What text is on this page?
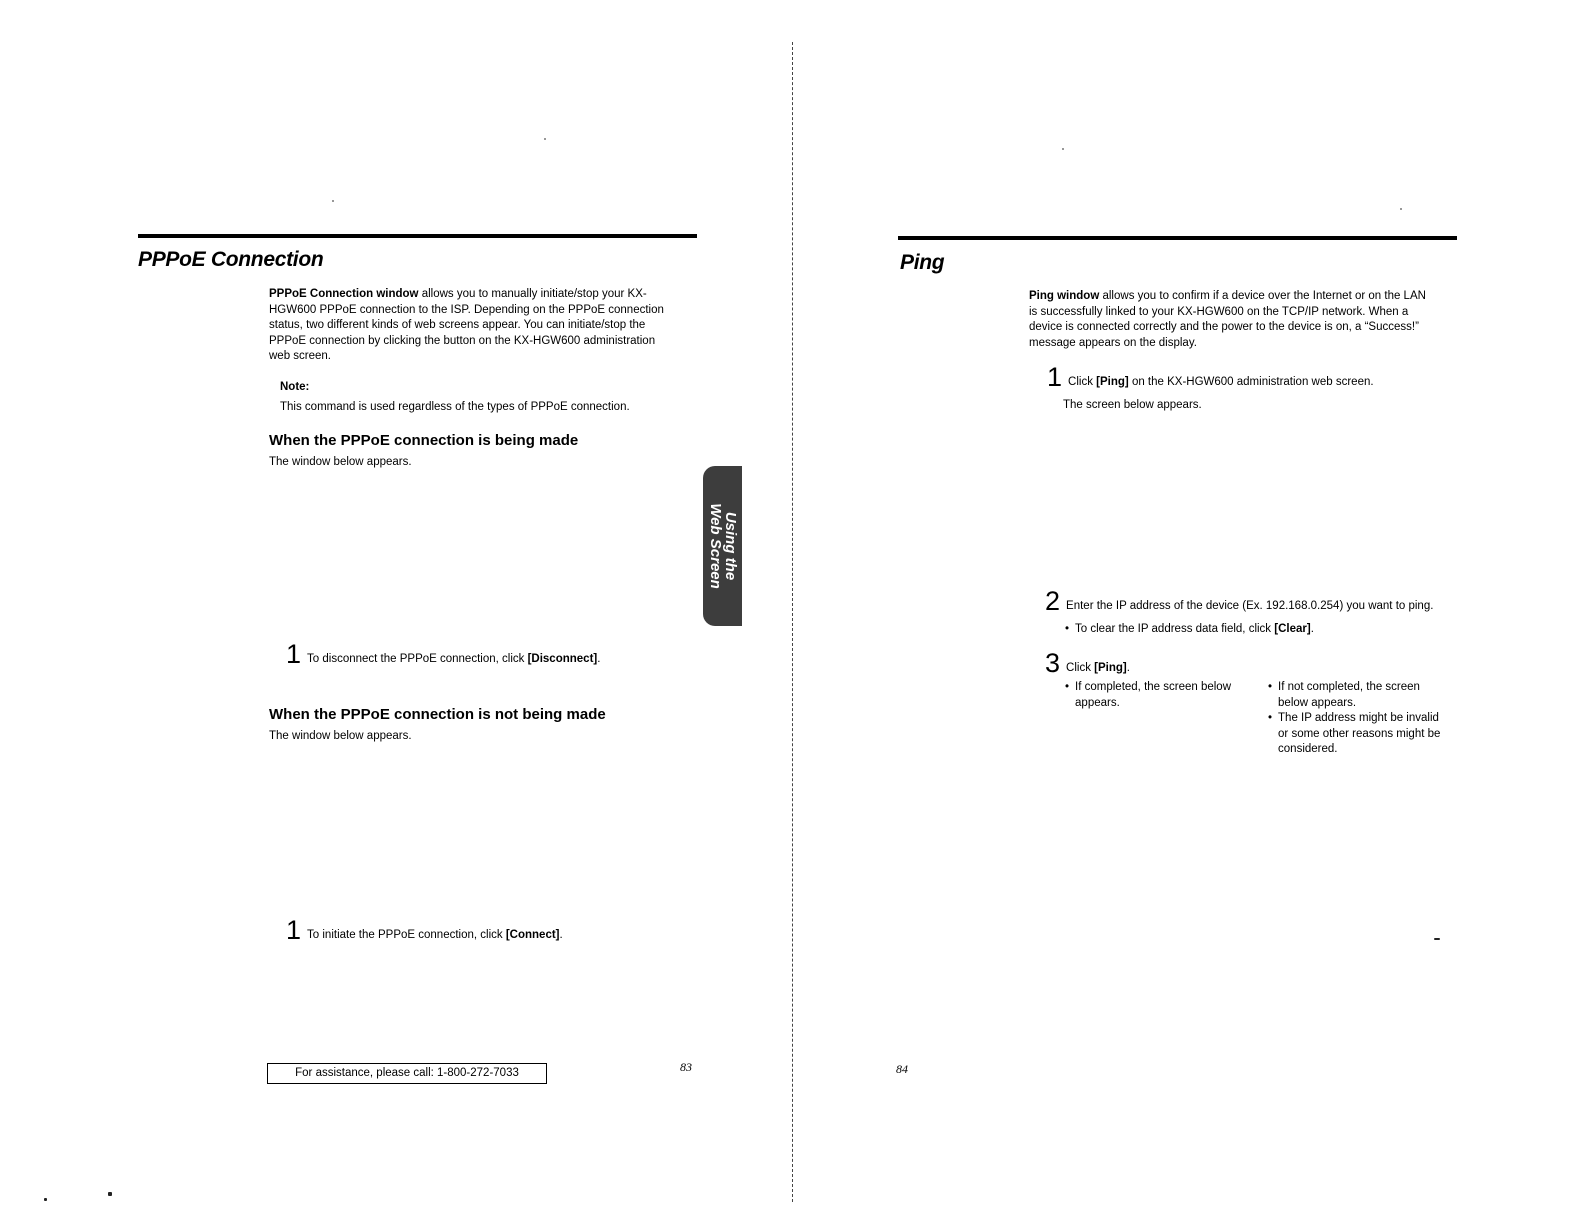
PPPoE Connection
PPPoE Connection window allows you to manually initiate/stop your KX-
HGW600 PPPoE connection to the ISP. Depending on the PPPoE connection
status, two different kinds of web screens appear. You can initiate/stop the
PPPoE connection by clicking the button on the KX-HGW600 administration
web screen.
Note:
This command is used regardless of the types of PPPoE connection.
When the PPPoE connection is being made
The window below appears.
1 To disconnect the PPPoE connection, click [Disconnect].
When the PPPoE connection is not being made
The window below appears.
1 To initiate the PPPoE connection, click [Connect].
For assistance, please call: 1-800-272-7033	83
Using the
Web Screen
Ping
Ping window allows you to confirm if a device over the Internet or on the LAN
is successfully linked to your KX-HGW600 on the TCP/IP network. When a
device is connected correctly and the power to the device is on, a “Success!”
message appears on the display.
1 Click [Ping] on the KX-HGW600 administration web screen.
The screen below appears.
2 Enter the IP address of the device (Ex. 192.168.0.254) you want to ping.
• To clear the IP address data field, click [Clear].
3 Click [Ping].
• If completed, the screen below
appears.
• If not completed, the screen
below appears.
• The IP address might be invalid
or some other reasons might be
considered.
84
